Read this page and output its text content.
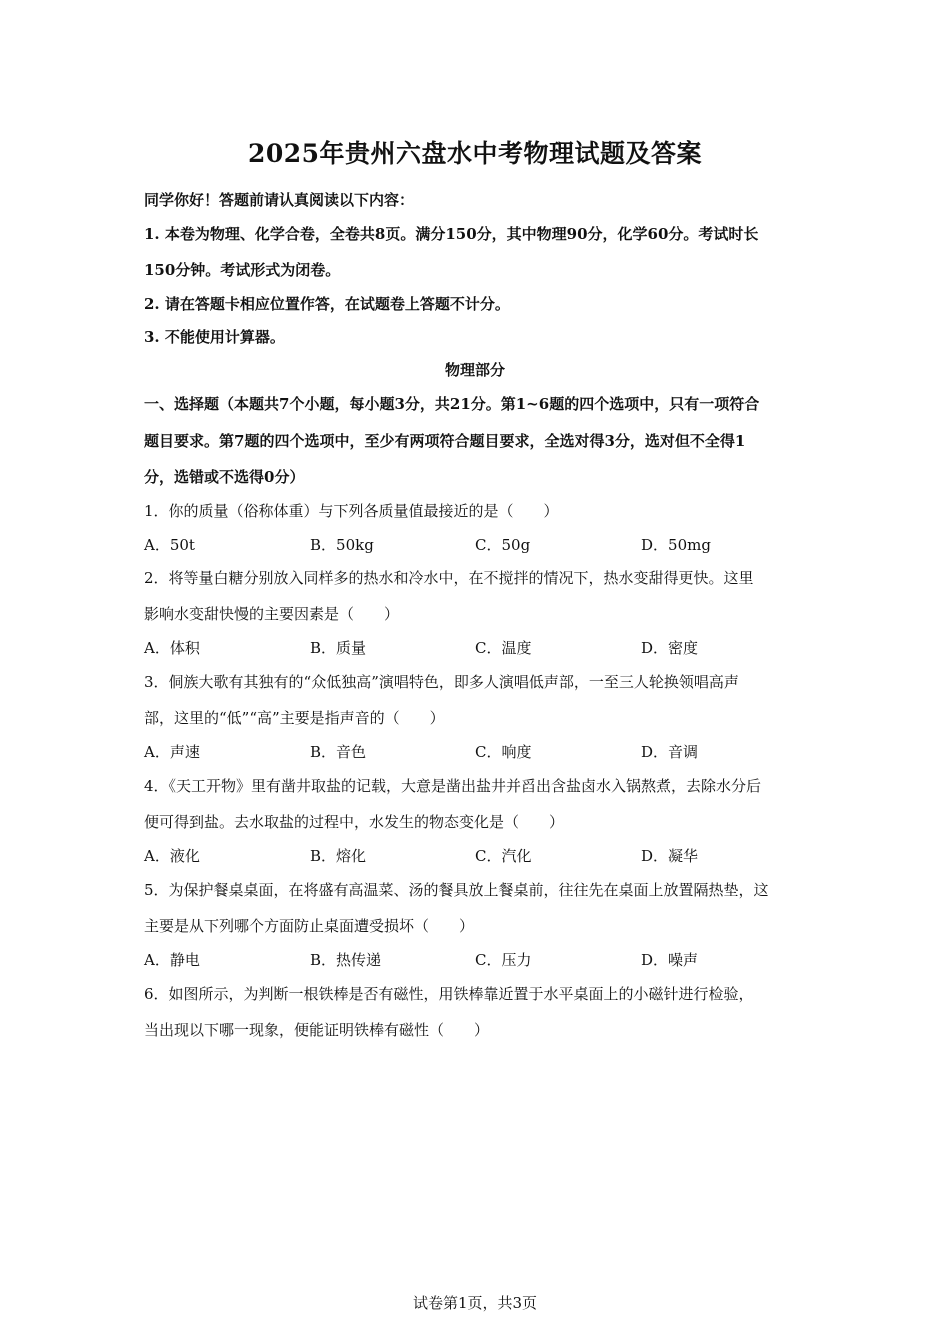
2025年贵州六盘水中考物理试题及答案
同学你好！答题前请认真阅读以下内容：
1. 本卷为物理、化学合卷，全卷共8页。满分150分，其中物理90分，化学60分。考试时长
150分钟。考试形式为闭卷。
2. 请在答题卡相应位置作答，在试题卷上答题不计分。
3. 不能使用计算器。
物理部分
一、选择题（本题共7个小题，每小题3分，共21分。第1~6题的四个选项中，只有一项符合
题目要求。第7题的四个选项中，至少有两项符合题目要求，全选对得3分，选对但不全得1
分，选错或不选得0分）
1．你的质量（俗称体重）与下列各质量值最接近的是（　　）
A．50t	B．50kg	C．50g	D．50mg
2．将等量白糖分别放入同样多的热水和冷水中，在不搅拌的情况下，热水变甜得更快。这里
影响水变甜快慢的主要因素是（　　）
A．体积	B．质量	C．温度	D．密度
3．侗族大歌有其独有的“众低独高”演唱特色，即多人演唱低声部，一至三人轮换领唱高声
部，这里的“低”“高”主要是指声音的（　　）
A．声速	B．音色	C．响度	D．音调
4．《天工开物》里有凿井取盐的记载，大意是凿出盐井并舀出含盐卤水入锅熬煮，去除水分后
便可得到盐。去水取盐的过程中，水发生的物态变化是（　　）
A．液化	B．熔化	C．汽化	D．凝华
5．为保护餐桌桌面，在将盛有高温菜、汤的餐具放上餐桌前，往往先在桌面上放置隔热垫，这
主要是从下列哪个方面防止桌面遭受损坏（　　）
A．静电	B．热传递	C．压力	D．噪声
6．如图所示，为判断一根铁棒是否有磁性，用铁棒靠近置于水平桌面上的小磁针进行检验，
当出现以下哪一现象，便能证明铁棒有磁性（　　）
试卷第1页，共3页
